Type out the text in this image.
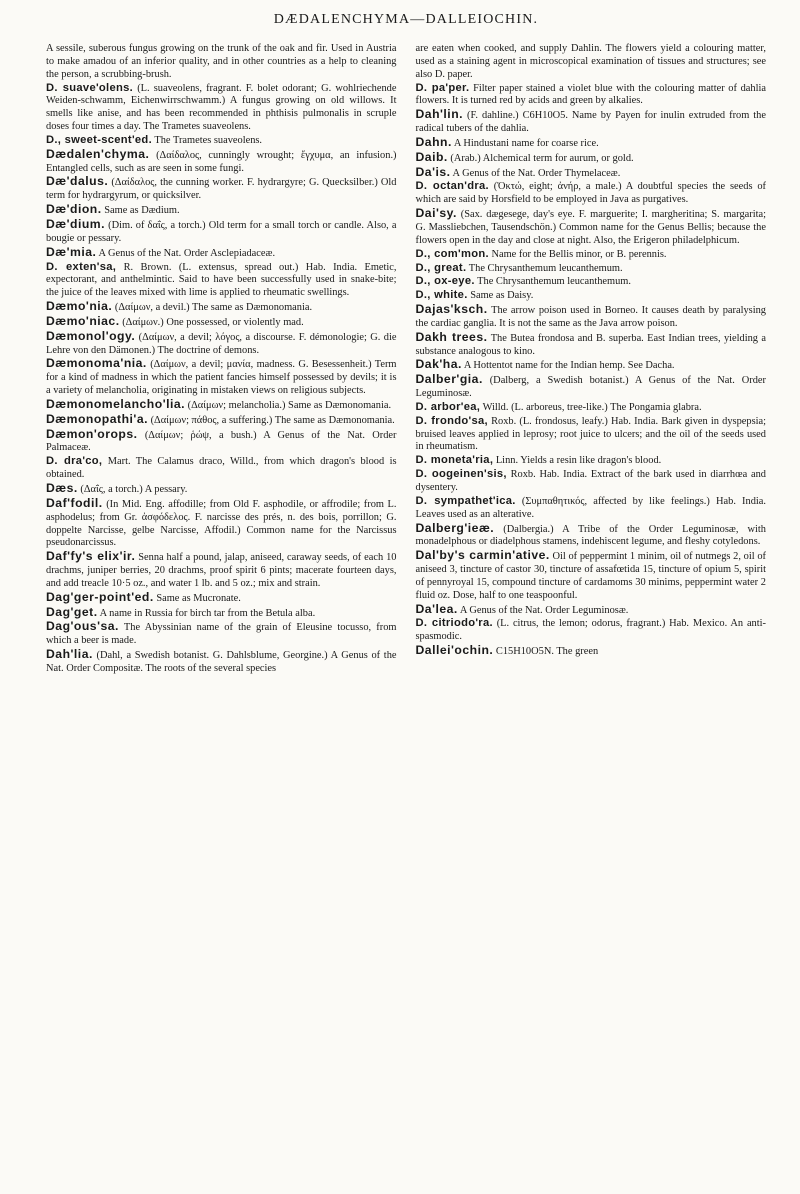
DÆDALENCHYMA—DALLEIOCHIN.

A sessile, suberous fungus growing on the trunk of the oak and fir. Used in Austria to make amadou of an inferior quality, and in other countries as a help to cleaning the person, a scrubbing-brush.

D. suave'olens. (L. suaveolens, fragrant. F. bolet odorant; G. wohlriechende Weiden-schwamm, Eichenwirrschwamm.) A fungus growing on old willows. It smells like anise, and has been recommended in phthisis pulmonalis in scruple doses four times a day. The Trametes suaveolens.

D., sweet-scent'ed. The Trametes suaveolens.

Dædalen'chyma. (Δαίδαλος, cunningly wrought; ἔγχυμα, an infusion.) Entangled cells, such as are seen in some fungi.

Dæ'dalus. (Δαίδαλος, the cunning worker. F. hydrargyre; G. Quecksilber.) Old term for hydrargyrum, or quicksilver.

Dæ'dion. Same as Dædium.

Dæ'dium. (Dim. of δαΐς, a torch.) Old term for a small torch or candle. Also, a bougie or pessary.

Dæ'mia. A Genus of the Nat. Order Asclepiadaceæ.

D. exten'sa, R. Brown. (L. extensus, spread out.) Hab. India. Emetic, expectorant, and anthelmintic. Said to have been successfully used in snake-bite; the juice of the leaves mixed with lime is applied to rheumatic swellings.

Dæmo'nia. (Δαίμων, a devil.) The same as Dæmonomania.

Dæmo'niac. (Δαίμων.) One possessed, or violently mad.

Dæmonol'ogy. (Δαίμων, a devil; λόγος, a discourse. F. démonologie; G. die Lehre von den Dämonen.) The doctrine of demons.

Dæmonoma'nia. (Δαίμων, a devil; μανία, madness. G. Besessenheit.) Term for a kind of madness in which the patient fancies himself possessed by devils; it is a variety of melancholia, originating in mistaken views on religious subjects.

Dæmonomelancho'lia. (Δαίμων; melancholia.) Same as Dæmonomania.

Dæmonopathi'a. (Δαίμων; πάθος, a suffering.) The same as Dæmonomania.

Dæmon'orops. (Δαίμων; ῥώψ, a bush.) A Genus of the Nat. Order Palmaceæ.

D. dra'co, Mart. The Calamus draco, Willd., from which dragon's blood is obtained.

Dæs. (Δαΐς, a torch.) A pessary.

Daf'fodil. (In Mid. Eng. affodille; from Old F. asphodile, or affrodile; from L. asphodelus; from Gr. ἀσφόδελος. F. narcisse des prés, n. des bois, porrillon; G. doppelte Narcisse, gelbe Narcisse, Affodil.) Common name for the Narcissus pseudonarcissus.

Daf'fy's elix'ir. Senna half a pound, jalap, aniseed, caraway seeds, of each 10 drachms, juniper berries, 20 drachms, proof spirit 6 pints; macerate fourteen days, and add treacle 10·5 oz., and water 1 lb. and 5 oz.; mix and strain.

Dag'ger-point'ed. Same as Mucronate.

Dag'get. A name in Russia for birch tar from the Betula alba.

Dag'ous'sa. The Abyssinian name of the grain of Eleusine tocusso, from which a beer is made.

Dah'lia. (Dahl, a Swedish botanist. G. Dahlsblume, Georgine.) A Genus of the Nat. Order Compositæ. The roots of the several species

are eaten when cooked, and supply Dahlin. The flowers yield a colouring matter, used as a staining agent in microscopical examination of tissues and structures; see also D. paper.

D. pa'per. Filter paper stained a violet blue with the colouring matter of dahlia flowers. It is turned red by acids and green by alkalies.

Dah'lin. (F. dahline.) C6H10O5. Name by Payen for inulin extruded from the radical tubers of the dahlia.

Dahn. A Hindustani name for coarse rice.

Daib. (Arab.) Alchemical term for aurum, or gold.

Da'is. A Genus of the Nat. Order Thymelaceæ.

D. octan'dra. (Ὀκτώ, eight; ἀνήρ, a male.) A doubtful species the seeds of which are said by Horsfield to be employed in Java as purgatives.

Dai'sy. (Sax. dægesege, day's eye. F. marguerite; I. margheritina; S. margarita; G. Massliebchen, Tausendschön.) Common name for the Genus Bellis; because the flowers open in the day and close at night. Also, the Erigeron philadelphicum.

D., com'mon. Name for the Bellis minor, or B. perennis.

D., great. The Chrysanthemum leucanthemum.

D., ox-eye. The Chrysanthemum leucanthemum.

D., white. Same as Daisy.

Dajas'ksch. The arrow poison used in Borneo. It causes death by paralysing the cardiac ganglia. It is not the same as the Java arrow poison.

Dakh trees. The Butea frondosa and B. superba. East Indian trees, yielding a substance analogous to kino.

Dak'ha. A Hottentot name for the Indian hemp. See Dacha.

Dalber'gia. (Dalberg, a Swedish botanist.) A Genus of the Nat. Order Leguminosæ.

D. arbor'ea, Willd. (L. arboreus, tree-like.) The Pongamia glabra.

D. frondo'sa, Roxb. (L. frondosus, leafy.) Hab. India. Bark given in dyspepsia; bruised leaves applied in leprosy; root juice to ulcers; and the oil of the seeds used in rheumatism.

D. moneta'ria, Linn. Yields a resin like dragon's blood.

D. oogeinen'sis, Roxb. Hab. India. Extract of the bark used in diarrhœa and dysentery.

D. sympathet'ica. (Συμπαθητικός, affected by like feelings.) Hab. India. Leaves used as an alterative.

Dalberg'ieæ. (Dalbergia.) A Tribe of the Order Leguminosæ, with monadelphous or diadelphous stamens, indehiscent legume, and fleshy cotyledons.

Dal'by's carmin'ative. Oil of peppermint 1 minim, oil of nutmegs 2, oil of aniseed 3, tincture of castor 30, tincture of assafœtida 15, tincture of opium 5, spirit of pennyroyal 15, compound tincture of cardamoms 30 minims, peppermint water 2 fluid oz. Dose, half to one teaspoonful.

Da'lea. A Genus of the Nat. Order Leguminosæ.

D. citriodo'ra. (L. citrus, the lemon; odorus, fragrant.) Hab. Mexico. An anti-spasmodic.

Dallei'ochin. C15H10O5N. The green
